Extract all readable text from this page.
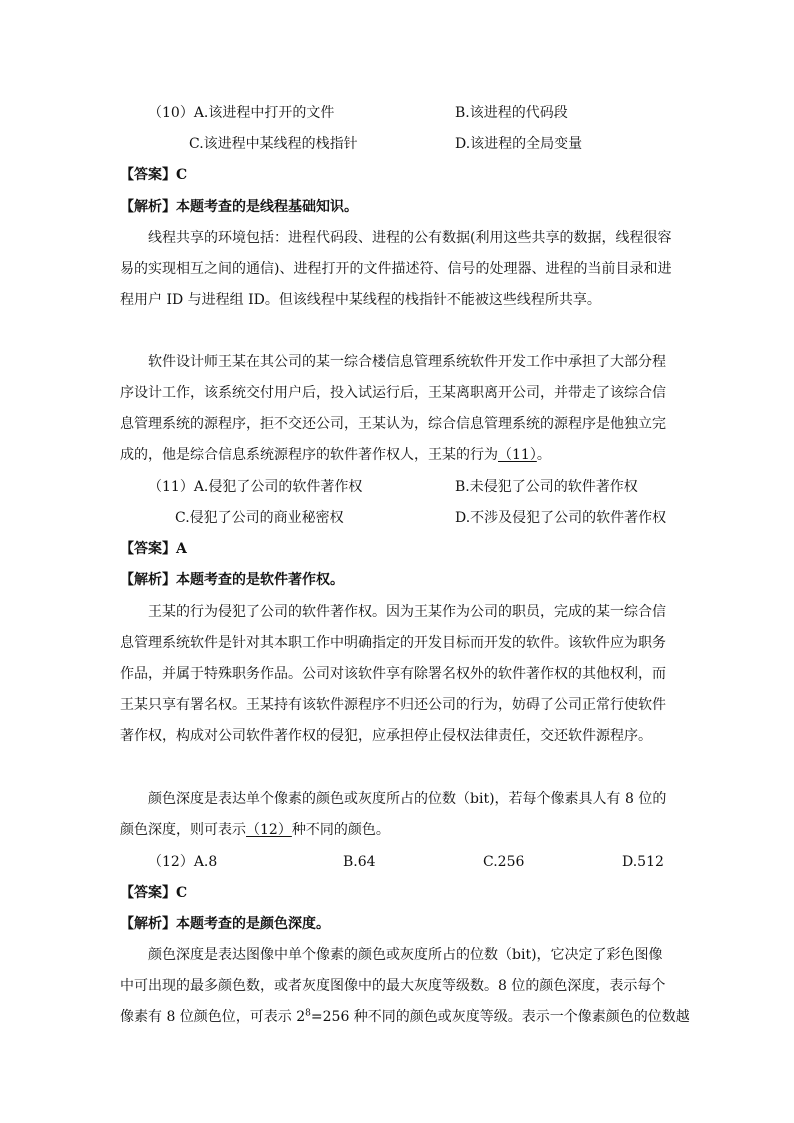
（10）A.该进程中打开的文件	B.该进程的代码段
C.该进程中某线程的栈指针	D.该进程的全局变量
【答案】C
【解析】本题考查的是线程基础知识。
线程共享的环境包括：进程代码段、进程的公有数据(利用这些共享的数据，线程很容
易的实现相互之间的通信)、进程打开的文件描述符、信号的处理器、进程的当前目录和进
程用户 ID 与进程组 ID。但该线程中某线程的栈指针不能被这些线程所共享。
软件设计师王某在其公司的某一综合楼信息管理系统软件开发工作中承担了大部分程
序设计工作，该系统交付用户后，投入试运行后，王某离职离开公司，并带走了该综合信
息管理系统的源程序，拒不交还公司，王某认为，综合信息管理系统的源程序是他独立完
成的，他是综合信息系统源程序的软件著作权人，王某的行为（11）。
（11）A.侵犯了公司的软件著作权	B.未侵犯了公司的软件著作权
C.侵犯了公司的商业秘密权	D.不涉及侵犯了公司的软件著作权
【答案】A
【解析】本题考查的是软件著作权。
王某的行为侵犯了公司的软件著作权。因为王某作为公司的职员，完成的某一综合信
息管理系统软件是针对其本职工作中明确指定的开发目标而开发的软件。该软件应为职务
作品，并属于特殊职务作品。公司对该软件享有除署名权外的软件著作权的其他权利，而
王某只享有署名权。王某持有该软件源程序不归还公司的行为，妨碍了公司正常行使软件
著作权，构成对公司软件著作权的侵犯，应承担停止侵权法律责任，交还软件源程序。
颜色深度是表达单个像素的颜色或灰度所占的位数（bit)，若每个像素具人有 8 位的
颜色深度，则可表示（12）种不同的颜色。
（12）A.8	B.64	C.256	D.512
【答案】C
【解析】本题考查的是颜色深度。
颜色深度是表达图像中单个像素的颜色或灰度所占的位数（bit)，它决定了彩色图像
中可出现的最多颜色数，或者灰度图像中的最大灰度等级数。8 位的颜色深度，表示每个
像素有 8 位颜色位，可表示 $2^8=256$ 种不同的颜色或灰度等级。表示一个像素颜色的位数越
